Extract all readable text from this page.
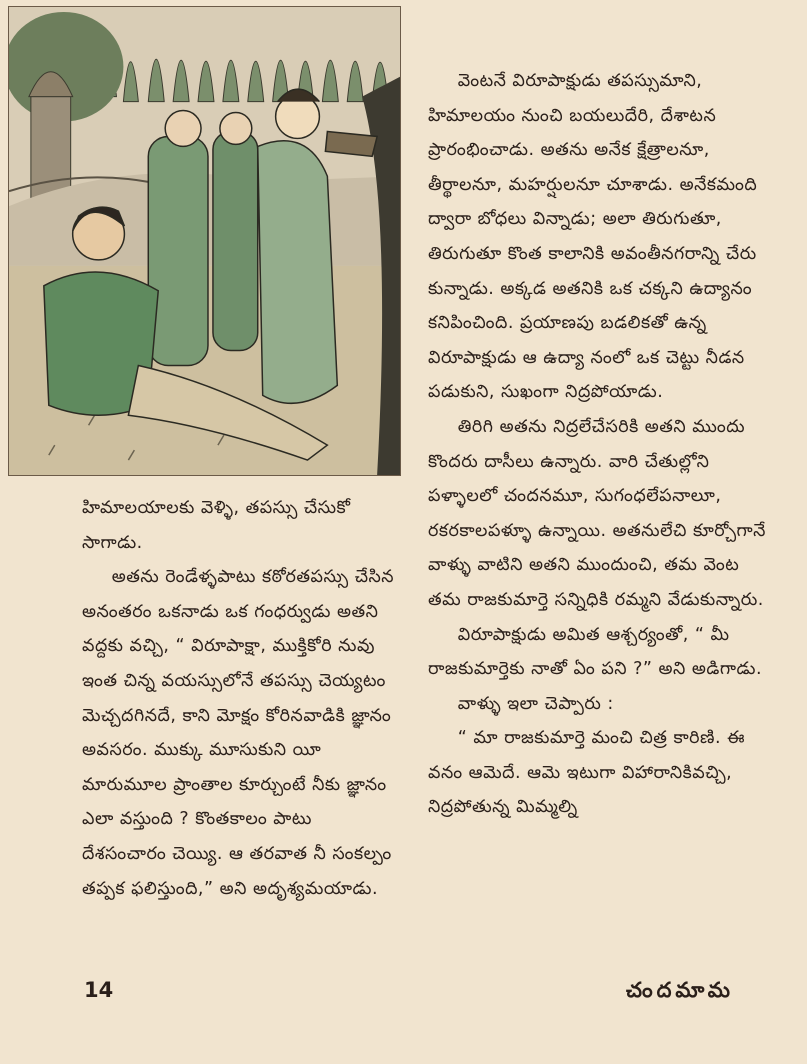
హిమాలయాలకు వెళ్ళి, తపస్సు చేసుకో సాగాడు.

అతను రెండేళ్ళపాటు కఠోరతపస్సు చేసిన అనంతరం ఒకనాడు ఒక గంధర్వుడు అతని వద్దకు వచ్చి, “ విరూపాక్షా, ముక్తికోరి నువు ఇంత చిన్న వయస్సులోనే తపస్సు చెయ్యటం మెచ్చదగినదే, కాని మోక్షం కోరినవాడికి జ్ఞానం అవసరం. ముక్కు మూసుకుని యీ మారుమూల ప్రాంతాల కూర్చుంటే నీకు జ్ఞానం ఎలా వస్తుంది ? కొంతకాలం పాటు దేశసంచారం చెయ్యి. ఆ తరవాత నీ సంకల్పం తప్పక ఫలిస్తుంది,” అని అదృశ్యమయాడు.

వెంటనే విరూపాక్షుడు తపస్సుమాని, హిమాలయం నుంచి బయలుదేరి, దేశాటన ప్రారంభించాడు. అతను అనేక క్షేత్రాలనూ, తీర్థాలనూ, మహర్షులనూ చూశాడు. అనేకమంది ద్వారా బోధలు విన్నాడు; అలా తిరుగుతూ, తిరుగుతూ కొంత కాలానికి అవంతీనగరాన్ని చేరు కున్నాడు. అక్కడ అతనికి ఒక చక్కని ఉద్యానం కనిపించింది. ప్రయాణపు బడలికతో ఉన్న విరూపాక్షుడు ఆ ఉద్యా నంలో ఒక చెట్టు నీడన పడుకుని, సుఖంగా నిద్రపోయాడు.

తిరిగి అతను నిద్రలేచేసరికి అతని ముందు కొందరు దాసీలు ఉన్నారు. వారి చేతుల్లోని పళ్ళాలలో చందనమూ, సుగంధలేపనాలూ, రకరకాలపళ్ళూ ఉన్నాయి. అతనులేచి కూర్చోగానే వాళ్ళు వాటిని అతని ముందుంచి, తమ వెంట తమ రాజకుమార్తె సన్నిధికి రమ్మని వేడుకున్నారు.

విరూపాక్షుడు అమిత ఆశ్చర్యంతో, “ మీ రాజకుమార్తెకు నాతో ఏం పని ?” అని అడిగాడు.

వాళ్ళు ఇలా చెప్పారు :

“ మా రాజకుమార్తె మంచి చిత్ర కారిణి. ఈ వనం ఆమెదే. ఆమె ఇటుగా విహారానికివచ్చి, నిద్రపోతున్న మిమ్మల్ని

14	చందమామ
